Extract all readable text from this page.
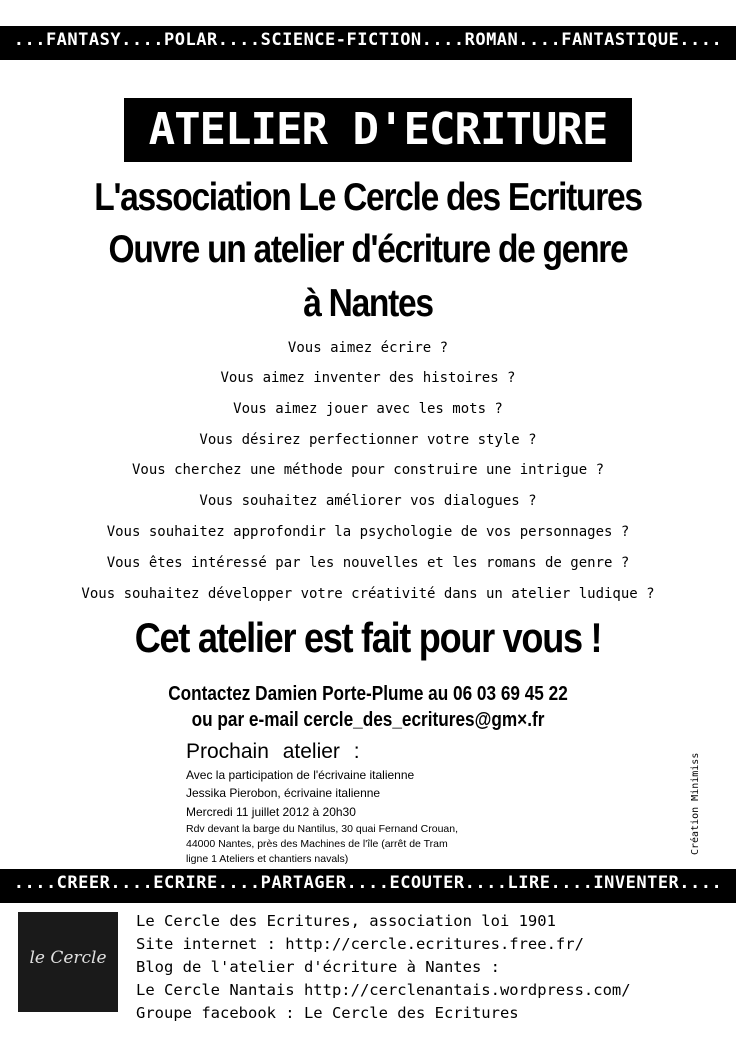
...FANTASY....POLAR....SCIENCE-FICTION....ROMAN....FANTASTIQUE....
ATELIER D'ECRITURE
L'association Le Cercle des Ecritures
Ouvre un atelier d'écriture de genre
à Nantes
Vous aimez écrire ?
Vous aimez inventer des histoires ?
Vous aimez jouer avec les mots ?
Vous désirez perfectionner votre style ?
Vous cherchez une méthode pour construire une intrigue ?
Vous souhaitez améliorer vos dialogues ?
Vous souhaitez approfondir la psychologie de vos personnages ?
Vous êtes intéressé par les nouvelles et les romans de genre ?
Vous souhaitez développer votre créativité dans un atelier ludique ?
Cet atelier est fait pour vous !
Contactez Damien Porte-Plume au 06 03 69 45 22
ou par e-mail cercle_des_ecritures@gm×.fr
Prochain atelier :
Avec la participation de l'écrivaine italienne
Jessika Pierobon, écrivaine italienne
Mercredi 11 juillet 2012 à 20h30
Rdv devant la barge du Nantilus, 30 quai Fernand Crouan,
44000 Nantes, près des Machines de l'île (arrêt de Tram
ligne 1 Ateliers et chantiers navals)
Création Minimiss
....CREER....ECRIRE....PARTAGER....ECOUTER....LIRE....INVENTER....
le Cercle
Le Cercle des Ecritures, association loi 1901
Site internet : http://cercle.ecritures.free.fr/
Blog de l'atelier d'écriture à Nantes :
Le Cercle Nantais http://cerclenantais.wordpress.com/
Groupe facebook : Le Cercle des Ecritures
